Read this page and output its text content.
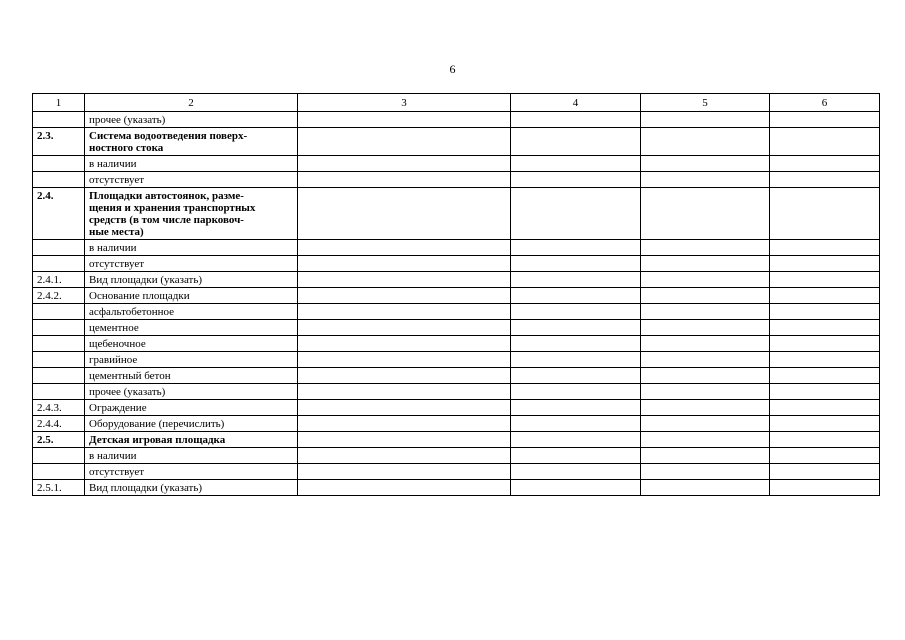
6
1	2	3	4	5	6
	прочее (указать)				
2.3.	Система водоотведения поверх-
ностного стока				
	в наличии				
	отсутствует				
2.4.	Площадки автостоянок, разме-
щения и хранения транспортных
средств (в том числе парковоч-
ные места)				
	в наличии				
	отсутствует				
2.4.1.	Вид площадки (указать)				
2.4.2.	Основание площадки				
	асфальтобетонное				
	цементное				
	щебеночное				
	гравийное				
	цементный бетон				
	прочее (указать)				
2.4.3.	Ограждение				
2.4.4.	Оборудование (перечислить)				
2.5.	Детская игровая площадка				
	в наличии				
	отсутствует				
2.5.1.	Вид площадки (указать)				
